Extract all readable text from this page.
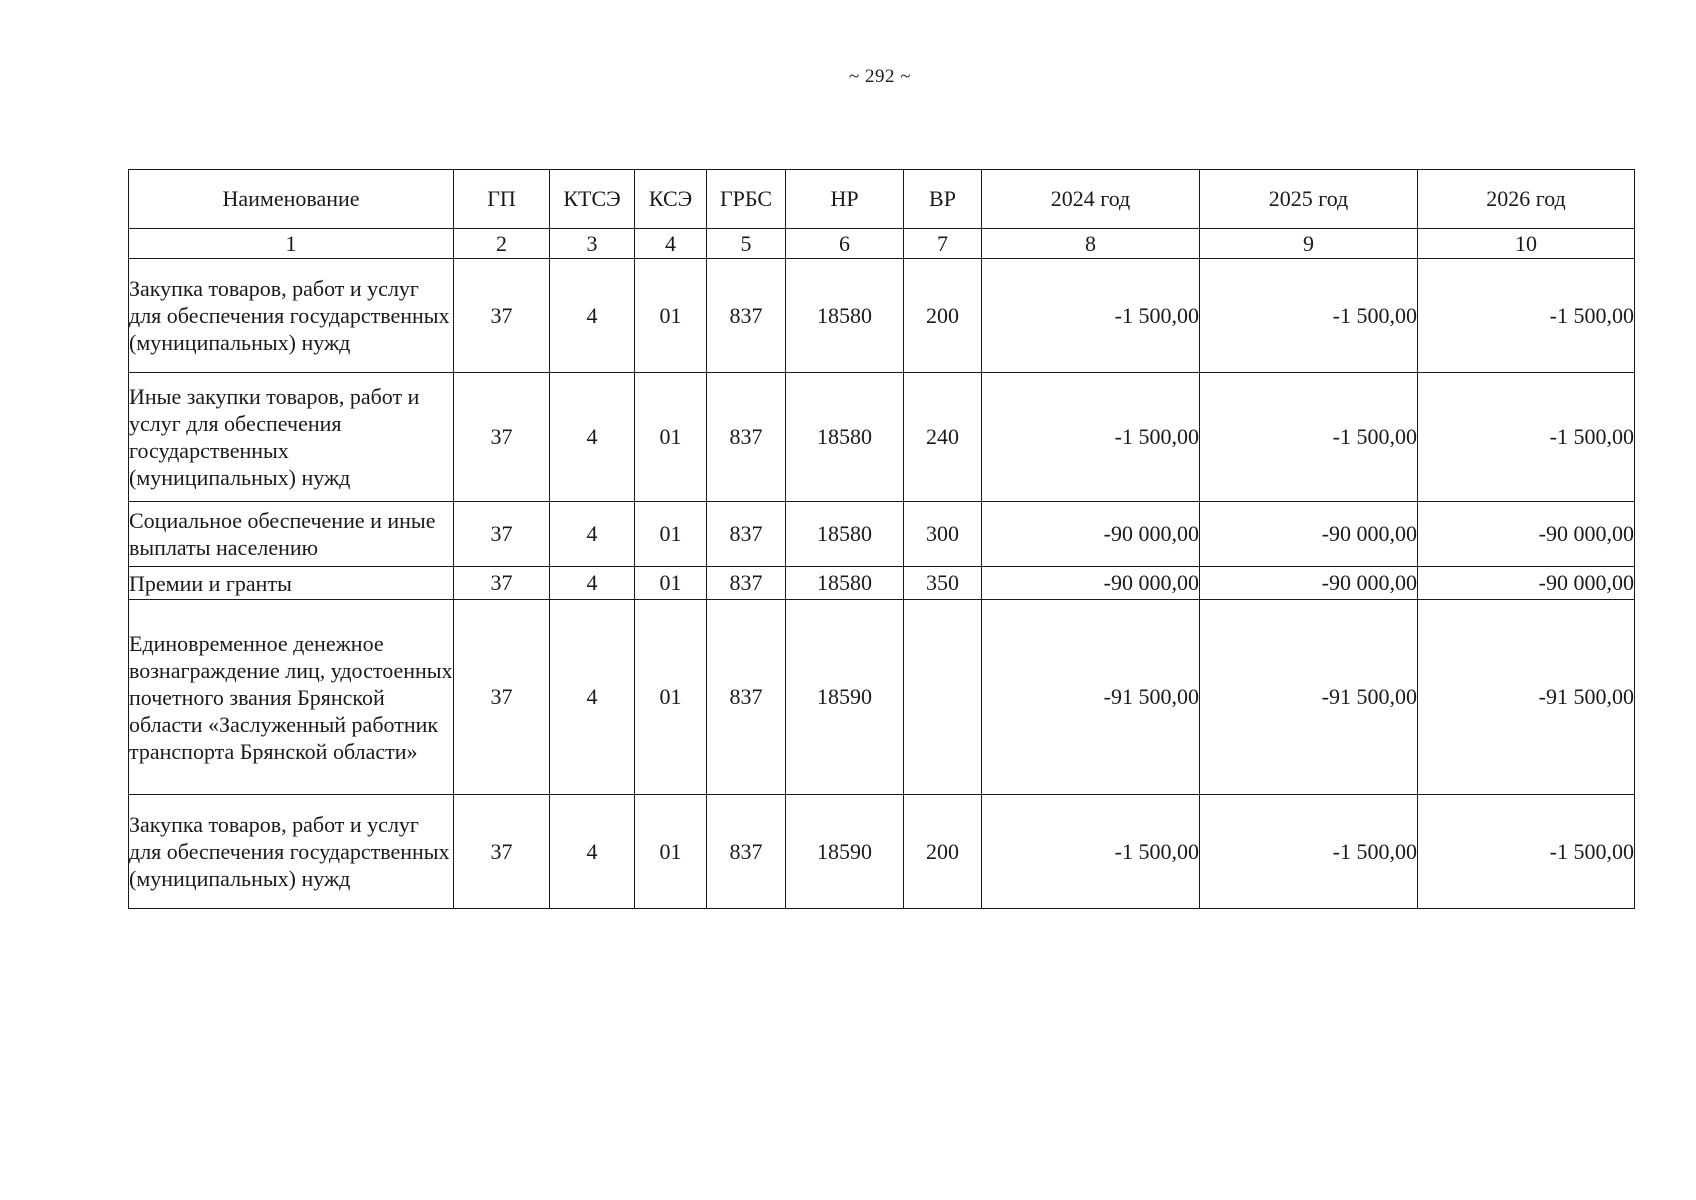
~ 292 ~
Наименование	ГП	КТСЭ	КСЭ	ГРБС	НР	ВР	2024 год	2025 год	2026 год
1	2	3	4	5	6	7	8	9	10
Закупка товаров, работ и услуг для обеспечения государственных (муниципальных) нужд	37	4	01	837	18580	200	-1 500,00	-1 500,00	-1 500,00
Иные закупки товаров, работ и услуг для обеспечения государственных (муниципальных) нужд	37	4	01	837	18580	240	-1 500,00	-1 500,00	-1 500,00
Социальное обеспечение и иные выплаты населению	37	4	01	837	18580	300	-90 000,00	-90 000,00	-90 000,00
Премии и гранты	37	4	01	837	18580	350	-90 000,00	-90 000,00	-90 000,00
Единовременное денежное вознаграждение лиц, удостоенных почетного звания Брянской области «Заслуженный работник транспорта Брянской области»	37	4	01	837	18590		-91 500,00	-91 500,00	-91 500,00
Закупка товаров, работ и услуг для обеспечения государственных (муниципальных) нужд	37	4	01	837	18590	200	-1 500,00	-1 500,00	-1 500,00
